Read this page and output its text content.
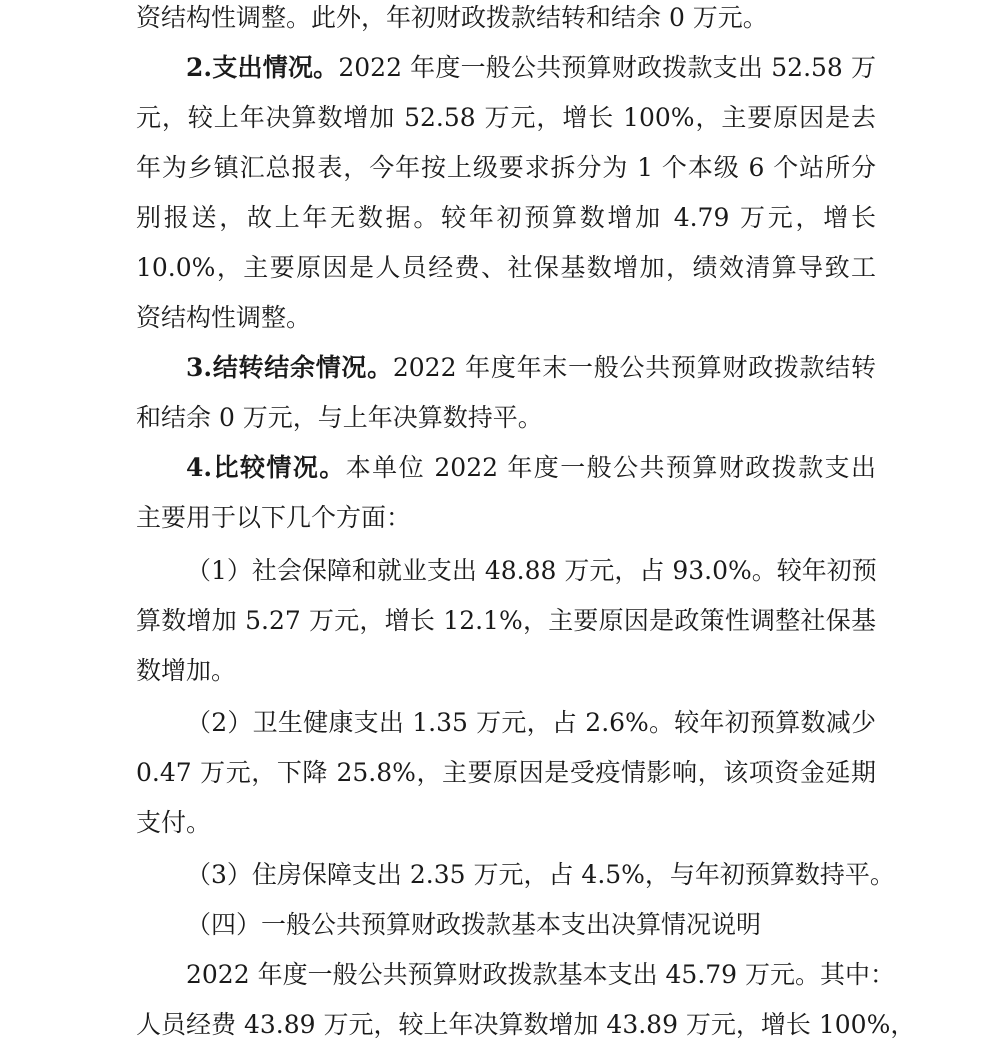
资结构性调整。此外，年初财政拨款结转和结余 0 万元。
2.支出情况。2022 年度一般公共预算财政拨款支出 52.58 万
元，较上年决算数增加 52.58 万元，增长 100%，主要原因是去
年为乡镇汇总报表，今年按上级要求拆分为 1 个本级 6 个站所分
别报送，故上年无数据。较年初预算数增加 4.79 万元，增长
10.0%，主要原因是人员经费、社保基数增加，绩效清算导致工
资结构性调整。
3.结转结余情况。2022 年度年末一般公共预算财政拨款结转
和结余 0 万元，与上年决算数持平。
4.比较情况。本单位 2022 年度一般公共预算财政拨款支出
主要用于以下几个方面：
（1）社会保障和就业支出 48.88 万元，占 93.0%。较年初预
算数增加 5.27 万元，增长 12.1%，主要原因是政策性调整社保基
数增加。
（2）卫生健康支出 1.35 万元，占 2.6%。较年初预算数减少
0.47 万元，下降 25.8%，主要原因是受疫情影响，该项资金延期
支付。
（3）住房保障支出 2.35 万元，占 4.5%，与年初预算数持平。
（四）一般公共预算财政拨款基本支出决算情况说明
2022 年度一般公共预算财政拨款基本支出 45.79 万元。其中：
人员经费 43.89 万元，较上年决算数增加 43.89 万元，增长 100%，
